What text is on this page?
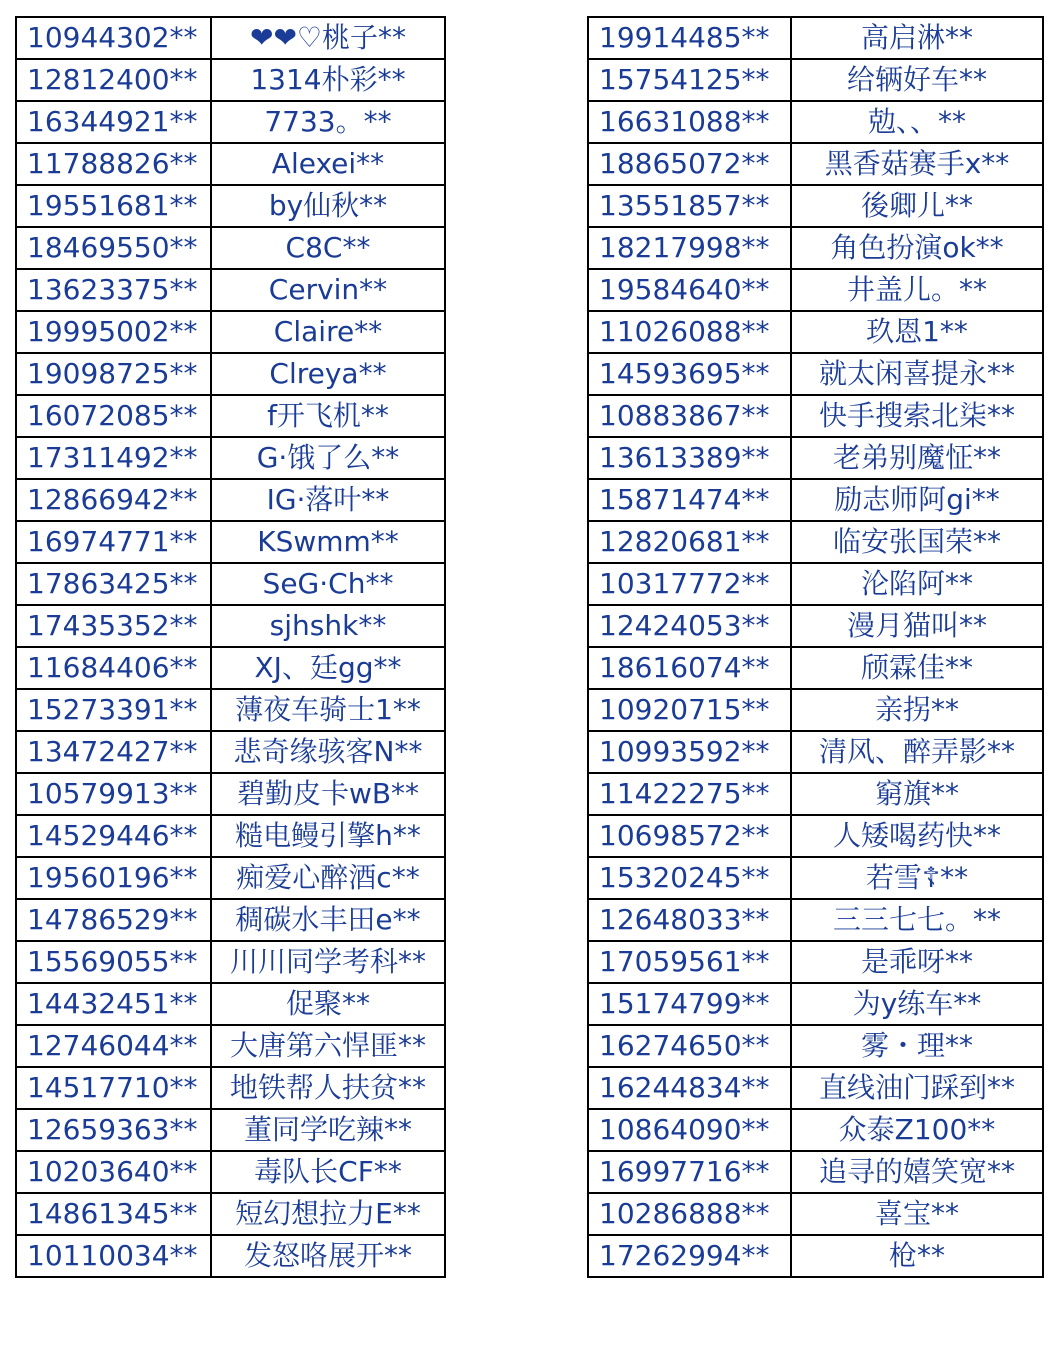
10944302**	❤❤♡桃子**
12812400**	1314朴彩**
16344921**	7733。**
11788826**	Alexei**
19551681**	by仙秋**
18469550**	C8C**
13623375**	Cervin**
19995002**	Claire**
19098725**	Clreya**
16072085**	f开飞机**
17311492**	G·饿了么**
12866942**	IG·落叶**
16974771**	KSwmm**
17863425**	SeG·Ch**
17435352**	sjhshk**
11684406**	XJ、廷gg**
15273391**	薄夜车骑士1**
13472427**	悲奇缘骇客N**
10579913**	碧勤皮卡wB**
14529446**	糙电鳗引擎h**
19560196**	痴爱心醉酒c**
14786529**	稠碳水丰田e**
15569055**	川川同学考科**
14432451**	促聚**
12746044**	大唐第六悍匪**
14517710**	地铁帮人扶贫**
12659363**	董同学吃辣**
10203640**	毒队长CF**
14861345**	短幻想拉力E**
10110034**	发怒咯展开**
19914485**	高启淋**
15754125**	给辆好车**
16631088**	勊、、**
18865072**	黑香菇赛手x**
13551857**	後卿儿**
18217998**	角色扮演ok**
19584640**	井盖儿。**
11026088**	玖恩1**
14593695**	就太闲喜提永**
10883867**	快手搜索北柒**
13613389**	老弟别魔怔**
15871474**	励志师阿gi**
12820681**	临安张国荣**
10317772**	沦陷阿**
12424053**	漫月猫叫**
18616074**	颀霖佳**
10920715**	亲拐**
10993592**	清风、醉弄影**
11422275**	窮旗**
10698572**	人矮喝药快**
15320245**	若雪☦**
12648033**	三三七七。**
17059561**	是乖呀**
15174799**	为y练车**
16274650**	雾・理**
16244834**	直线油门踩到**
10864090**	众泰Z100**
16997716**	追寻的嬉笑宽**
10286888**	喜宝**
17262994**	枪**
